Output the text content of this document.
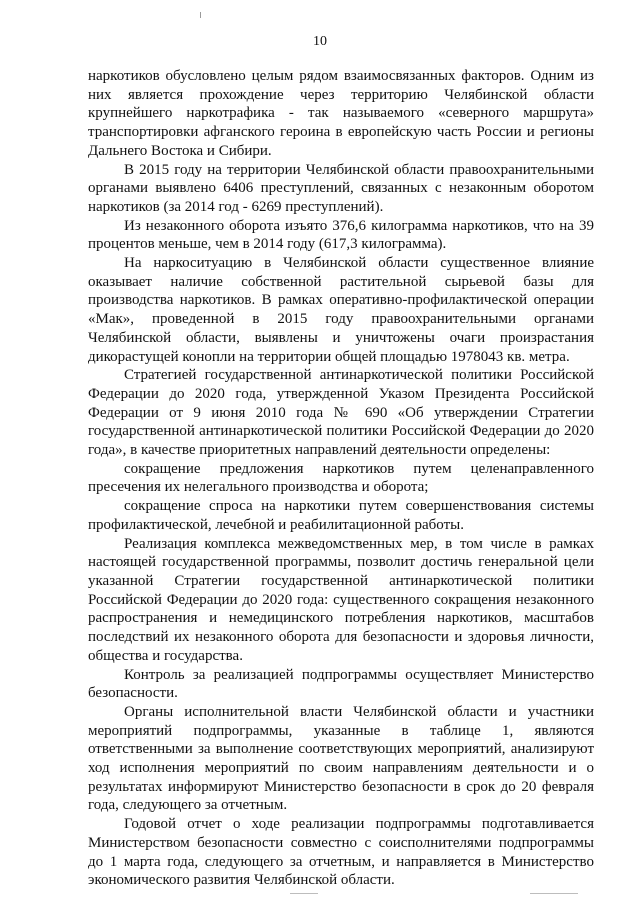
10

наркотиков обусловлено целым рядом взаимосвязанных факторов. Одним из них является прохождение через территорию Челябинской области крупнейшего наркотрафика - так называемого «северного маршрута» транспортировки афганского героина в европейскую часть России и регионы Дальнего Востока и Сибири.

В 2015 году на территории Челябинской области правоохранительными органами выявлено 6406 преступлений, связанных с незаконным оборотом наркотиков (за 2014 год - 6269 преступлений).

Из незаконного оборота изъято 376,6 килограмма наркотиков, что на 39 процентов меньше, чем в 2014 году (617,3 килограмма).

На наркоситуацию в Челябинской области существенное влияние оказывает наличие собственной растительной сырьевой базы для производства наркотиков. В рамках оперативно-профилактической операции «Мак», проведенной в 2015 году правоохранительными органами Челябинской области, выявлены и уничтожены очаги произрастания дикорастущей конопли на территории общей площадью 1978043 кв. метра.

Стратегией государственной антинаркотической политики Российской Федерации до 2020 года, утвержденной Указом Президента Российской Федерации от 9 июня 2010 года № 690 «Об утверждении Стратегии государственной антинаркотической политики Российской Федерации до 2020 года», в качестве приоритетных направлений деятельности определены:

сокращение предложения наркотиков путем целенаправленного пресечения их нелегального производства и оборота;

сокращение спроса на наркотики путем совершенствования системы профилактической, лечебной и реабилитационной работы.

Реализация комплекса межведомственных мер, в том числе в рамках настоящей государственной программы, позволит достичь генеральной цели указанной Стратегии государственной антинаркотической политики Российской Федерации до 2020 года: существенного сокращения незаконного распространения и немедицинского потребления наркотиков, масштабов последствий их незаконного оборота для безопасности и здоровья личности, общества и государства.

Контроль за реализацией подпрограммы осуществляет Министерство безопасности.

Органы исполнительной власти Челябинской области и участники мероприятий подпрограммы, указанные в таблице 1, являются ответственными за выполнение соответствующих мероприятий, анализируют ход исполнения мероприятий по своим направлениям деятельности и о результатах информируют Министерство безопасности в срок до 20 февраля года, следующего за отчетным.

Годовой отчет о ходе реализации подпрограммы подготавливается Министерством безопасности совместно с соисполнителями подпрограммы до 1 марта года, следующего за отчетным, и направляется в Министерство экономического развития Челябинской области.
